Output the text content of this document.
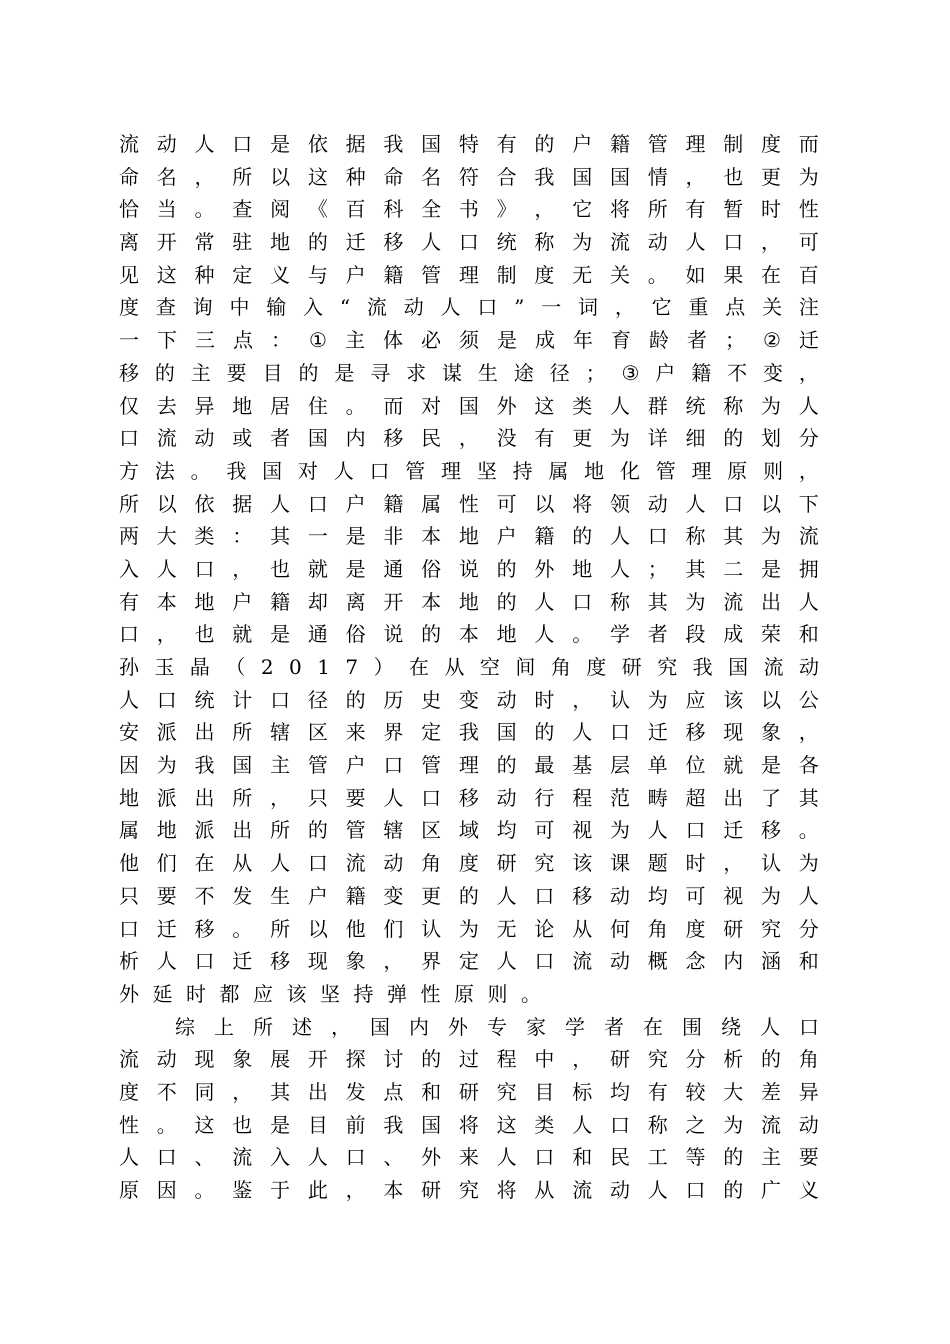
流 动 人 口 是 依 据 我 国 特 有 的 户 籍 管 理 制 度 而
命 名 ， 所 以 这 种 命 名 符 合 我 国 国 情 ， 也 更 为
恰 当 。 查 阅 《 百 科 全 书 》 ， 它 将 所 有 暂 时 性
离 开 常 驻 地 的 迁 移 人 口 统 称 为 流 动 人 口 ， 可
见 这 种 定 义 与 户 籍 管 理 制 度 无 关 。 如 果 在 百
度 查 询 中 输 入 “ 流 动 人 口 ” 一 词 ， 它 重 点 关 注
一 下 三 点 ： ① 主 体 必 须 是 成 年 育 龄 者 ； ② 迁
移 的 主 要 目 的 是 寻 求 谋 生 途 径 ； ③ 户 籍 不 变 ，
仅 去 异 地 居 住 。 而 对 国 外 这 类 人 群 统 称 为 人
口 流 动 或 者 国 内 移 民 ， 没 有 更 为 详 细 的 划 分
方 法 。 我 国 对 人 口 管 理 坚 持 属 地 化 管 理 原 则 ，
所 以 依 据 人 口 户 籍 属 性 可 以 将 领 动 人 口 以 下
两 大 类 ： 其 一 是 非 本 地 户 籍 的 人 口 称 其 为 流
入 人 口 ， 也 就 是 通 俗 说 的 外 地 人 ； 其 二 是 拥
有 本 地 户 籍 却 离 开 本 地 的 人 口 称 其 为 流 出 人
口 ， 也 就 是 通 俗 说 的 本 地 人 。 学 者 段 成 荣 和
孙 玉 晶 （ 2 0 1 7 ） 在 从 空 间 角 度 研 究 我 国 流 动
人 口 统 计 口 径 的 历 史 变 动 时 ， 认 为 应 该 以 公
安 派 出 所 辖 区 来 界 定 我 国 的 人 口 迁 移 现 象 ，
因 为 我 国 主 管 户 口 管 理 的 最 基 层 单 位 就 是 各
地 派 出 所 ， 只 要 人 口 移 动 行 程 范 畴 超 出 了 其
属 地 派 出 所 的 管 辖 区 域 均 可 视 为 人 口 迁 移 。
他 们 在 从 人 口 流 动 角 度 研 究 该 课 题 时 ， 认 为
只 要 不 发 生 户 籍 变 更 的 人 口 移 动 均 可 视 为 人
口 迁 移 。 所 以 他 们 认 为 无 论 从 何 角 度 研 究 分
析 人 口 迁 移 现 象 ， 界 定 人 口 流 动 概 念 内 涵 和
外延时都应该坚持弹性原则。
综 上 所 述 ， 国 内 外 专 家 学 者 在 围 绕 人 口
流 动 现 象 展 开 探 讨 的 过 程 中 ， 研 究 分 析 的 角
度 不 同 ， 其 出 发 点 和 研 究 目 标 均 有 较 大 差 异
性 。 这 也 是 目 前 我 国 将 这 类 人 口 称 之 为 流 动
人 口 、 流 入 人 口 、 外 来 人 口 和 民 工 等 的 主 要
原 因 。 鉴 于 此 ， 本 研 究 将 从 流 动 人 口 的 广 义
